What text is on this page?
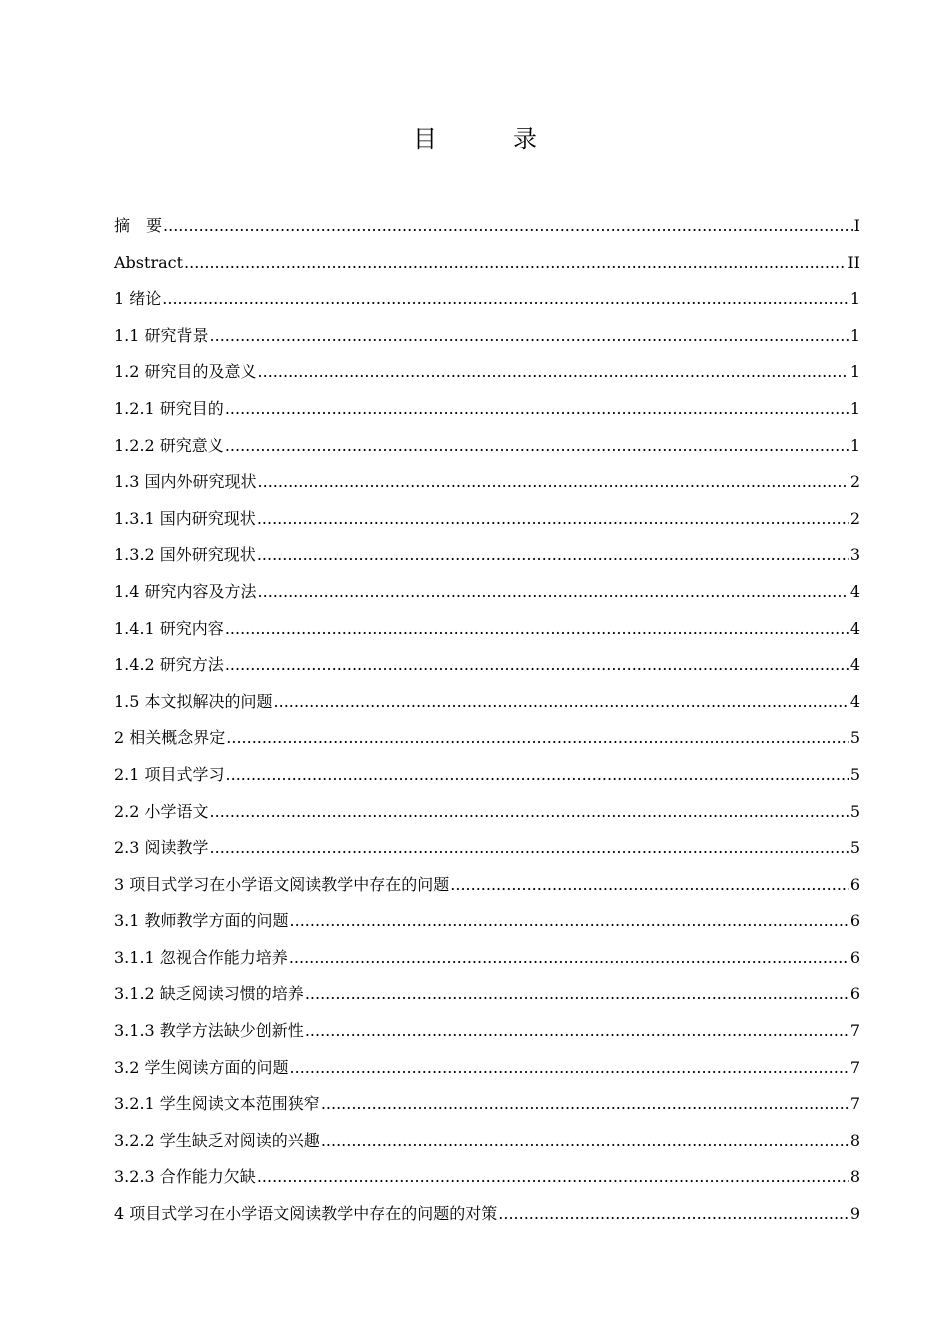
目　录
摘　要 .....	I
Abstract .....	II
1 绪论 .....	1
1.1 研究背景 .....	1
1.2 研究目的及意义 .....	1
1.2.1 研究目的 .....	1
1.2.2 研究意义 .....	1
1.3 国内外研究现状 .....	2
1.3.1 国内研究现状 .....	2
1.3.2 国外研究现状 .....	3
1.4 研究内容及方法 .....	4
1.4.1 研究内容 .....	4
1.4.2 研究方法 .....	4
1.5 本文拟解决的问题 .....	4
2 相关概念界定 .....	5
2.1 项目式学习 .....	5
2.2 小学语文 .....	5
2.3 阅读教学 .....	5
3 项目式学习在小学语文阅读教学中存在的问题 .....	6
3.1 教师教学方面的问题 .....	6
3.1.1 忽视合作能力培养 .....	6
3.1.2 缺乏阅读习惯的培养 .....	6
3.1.3 教学方法缺少创新性 .....	7
3.2 学生阅读方面的问题 .....	7
3.2.1 学生阅读文本范围狭窄 .....	7
3.2.2 学生缺乏对阅读的兴趣 .....	8
3.2.3 合作能力欠缺 .....	8
4 项目式学习在小学语文阅读教学中存在的问题的对策 .....	9
